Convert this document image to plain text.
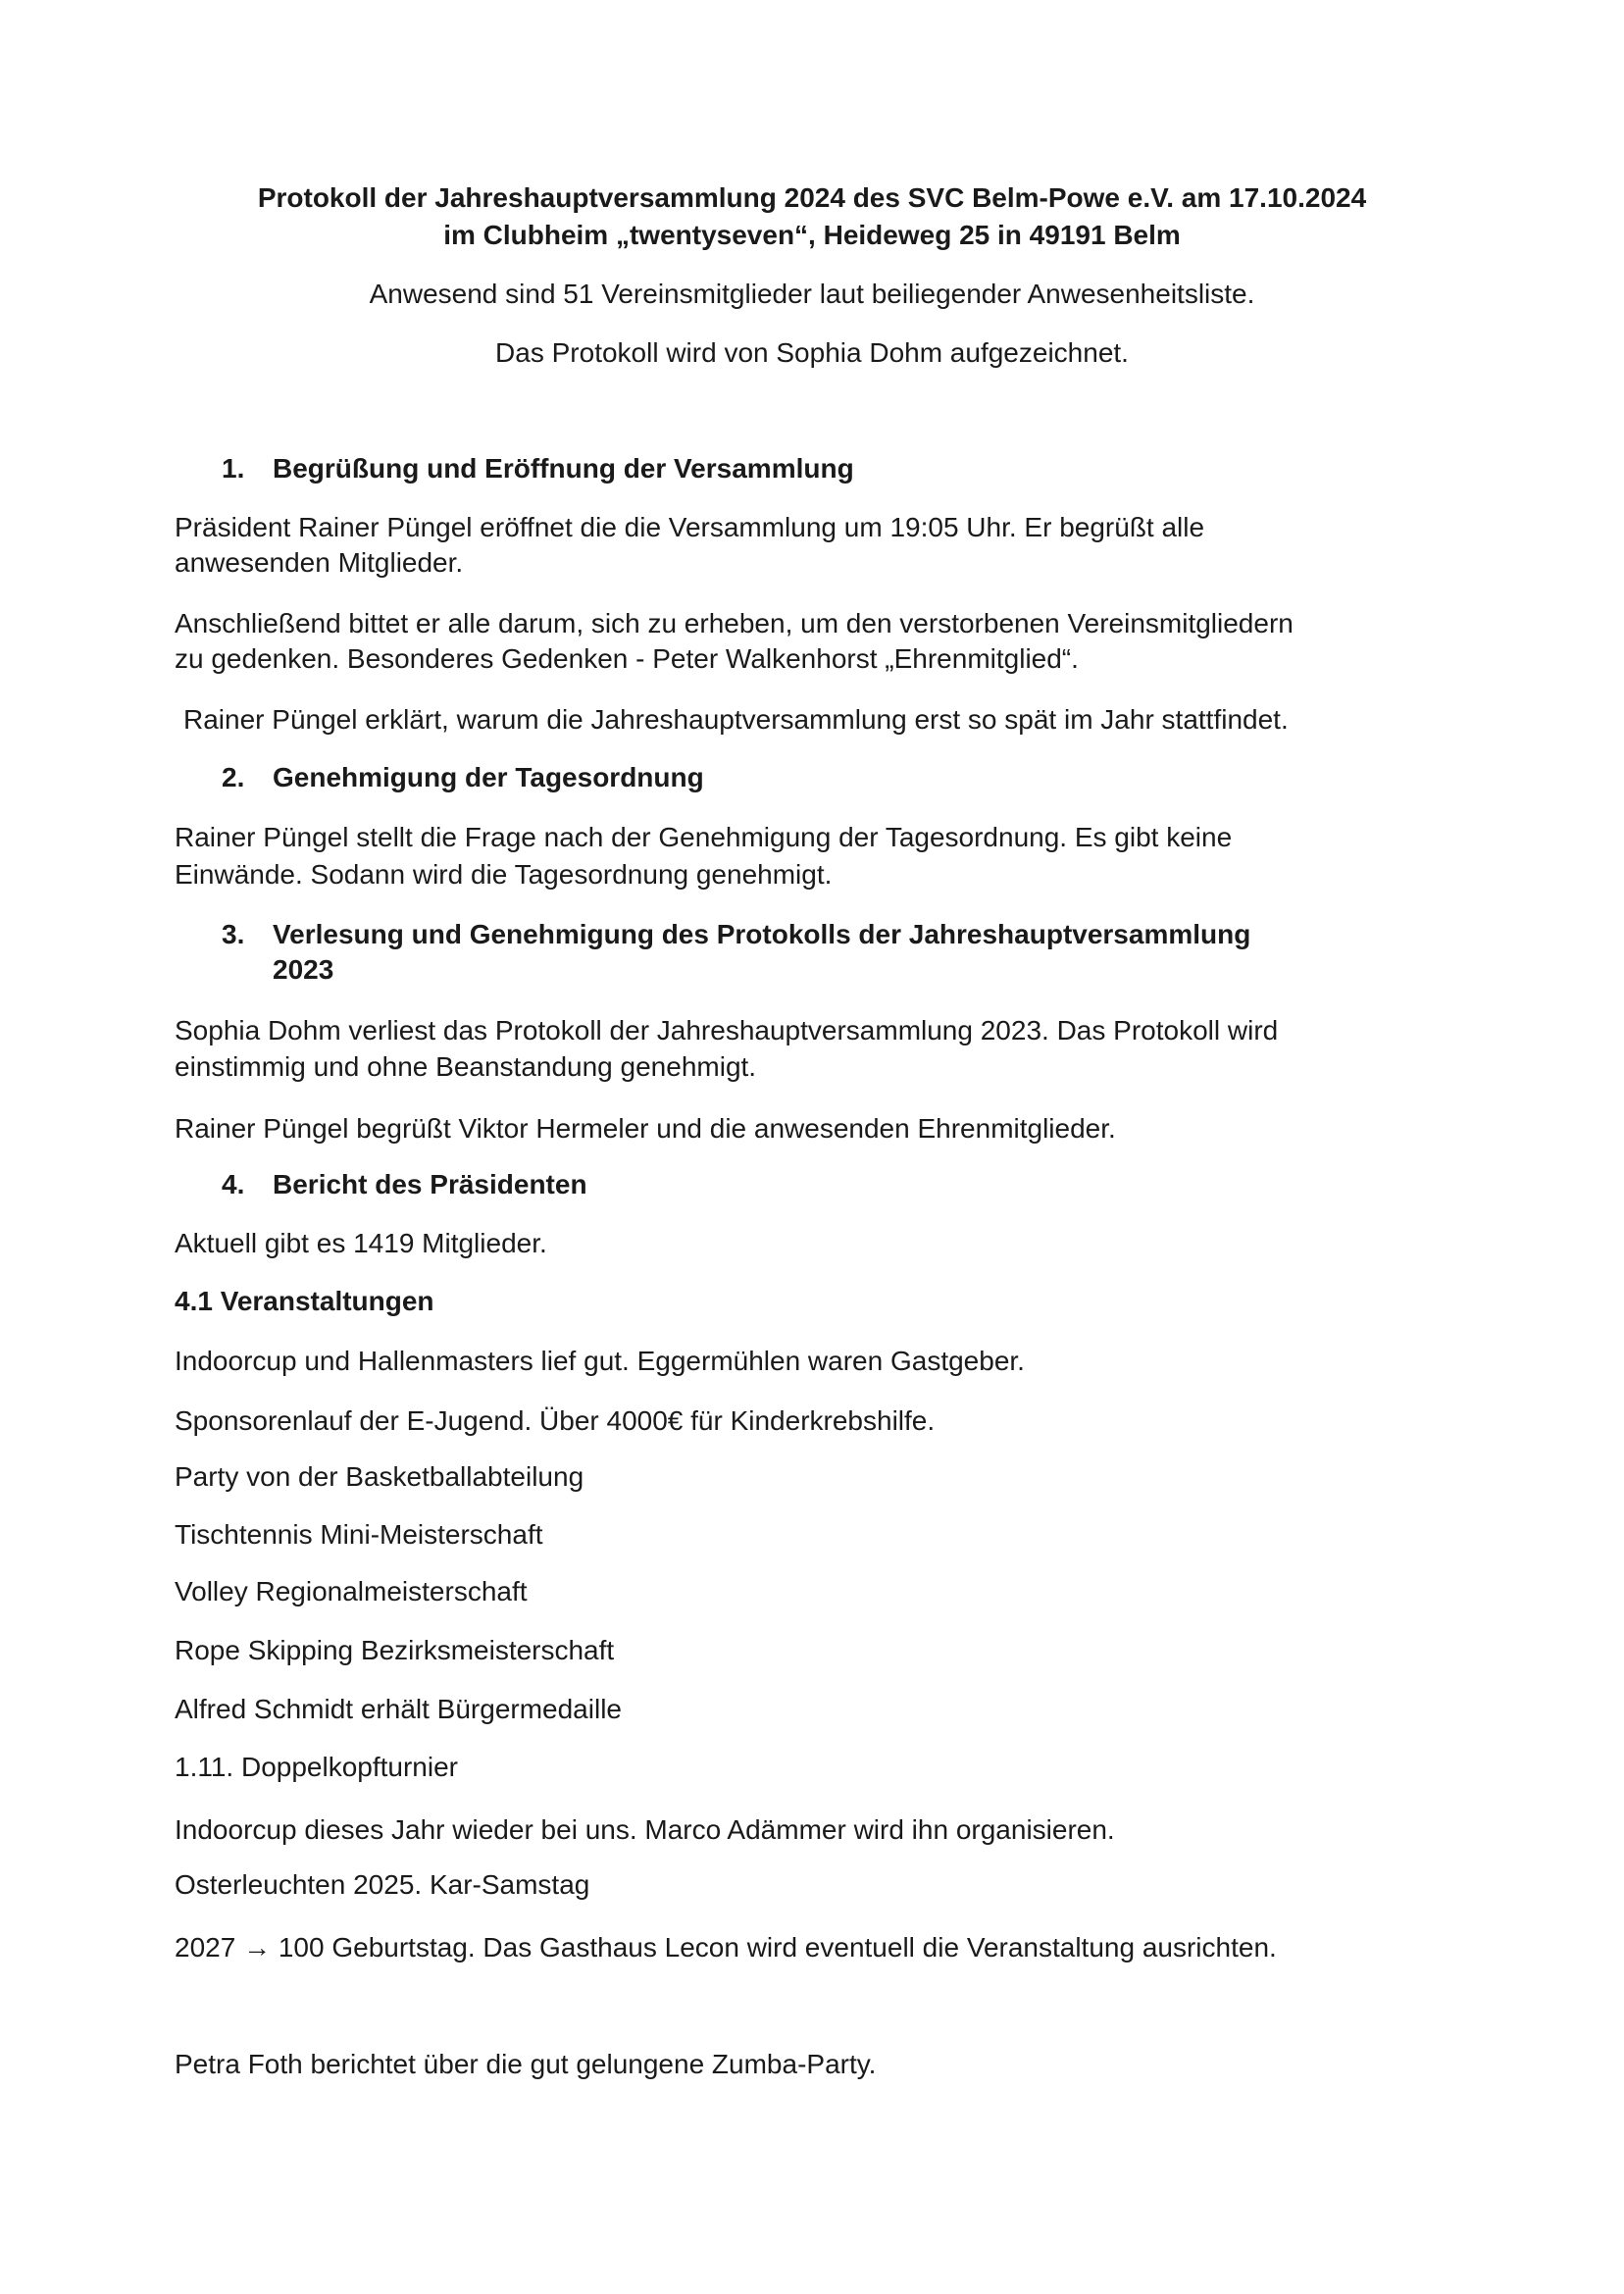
Protokoll der Jahreshauptversammlung 2024 des SVC Belm-Powe e.V. am 17.10.2024

im Clubheim „twentyseven“, Heideweg 25 in 49191 Belm

Anwesend sind 51 Vereinsmitglieder laut beiliegender Anwesenheitsliste.

Das Protokoll wird von Sophia Dohm aufgezeichnet.

1. Begrüßung und Eröffnung der Versammlung

Präsident Rainer Püngel eröffnet die die Versammlung um 19:05 Uhr. Er begrüßt alle

anwesenden Mitglieder.

Anschließend bittet er alle darum, sich zu erheben, um den verstorbenen Vereinsmitgliedern

zu gedenken. Besonderes Gedenken - Peter Walkenhorst „Ehrenmitglied“.

Rainer Püngel erklärt, warum die Jahreshauptversammlung erst so spät im Jahr stattfindet.

2. Genehmigung der Tagesordnung

Rainer Püngel stellt die Frage nach der Genehmigung der Tagesordnung. Es gibt keine

Einwände. Sodann wird die Tagesordnung genehmigt.

3. Verlesung und Genehmigung des Protokolls der Jahreshauptversammlung
2023

Sophia Dohm verliest das Protokoll der Jahreshauptversammlung 2023. Das Protokoll wird

einstimmig und ohne Beanstandung genehmigt.

Rainer Püngel begrüßt Viktor Hermeler und die anwesenden Ehrenmitglieder.

4. Bericht des Präsidenten

Aktuell gibt es 1419 Mitglieder.

4.1 Veranstaltungen

Indoorcup und Hallenmasters lief gut. Eggermühlen waren Gastgeber.

Sponsorenlauf der E-Jugend. Über 4000€ für Kinderkrebshilfe.

Party von der Basketballabteilung

Tischtennis Mini-Meisterschaft

Volley Regionalmeisterschaft

Rope Skipping Bezirksmeisterschaft

Alfred Schmidt erhält Bürgermedaille

1.11. Doppelkopfturnier

Indoorcup dieses Jahr wieder bei uns. Marco Adämmer wird ihn organisieren.

Osterleuchten 2025. Kar-Samstag

2027 → 100 Geburtstag. Das Gasthaus Lecon wird eventuell die Veranstaltung ausrichten.

Petra Foth berichtet über die gut gelungene Zumba-Party.
